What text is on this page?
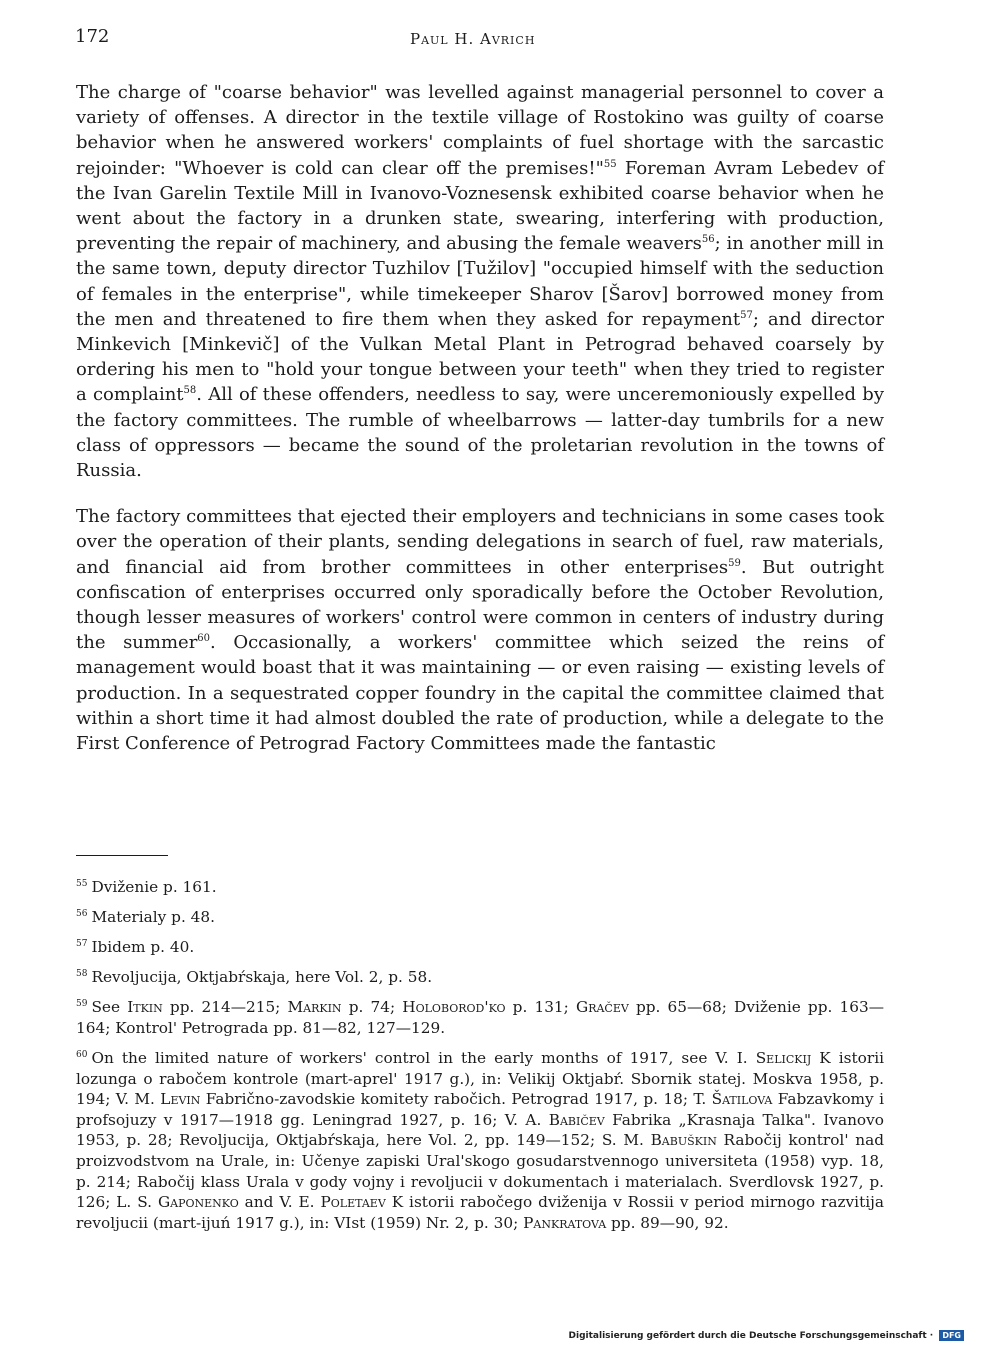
172	Paul H. Avrich

The charge of "coarse behavior" was levelled against managerial personnel to cover a variety of offenses. A director in the textile village of Rostokino was guilty of coarse behavior when he answered workers' complaints of fuel shortage with the sarcastic rejoinder: "Whoever is cold can clear off the premises!"$^{55}$ Foreman Avram Lebedev of the Ivan Garelin Textile Mill in Ivanovo-Voznesensk exhibited coarse behavior when he went about the factory in a drunken state, swearing, interfering with production, preventing the repair of machinery, and abusing the female weavers$^{56}$; in another mill in the same town, deputy director Tuzhilov [Tužilov] "occupied himself with the seduction of females in the enterprise", while timekeeper Sharov [Šarov] borrowed money from the men and threatened to fire them when they asked for repayment$^{57}$; and director Minkevich [Minkevič] of the Vulkan Metal Plant in Petrograd behaved coarsely by ordering his men to "hold your tongue between your teeth" when they tried to register a complaint$^{58}$. All of these offenders, needless to say, were unceremoniously expelled by the factory committees. The rumble of wheelbarrows — latter-day tumbrils for a new class of oppressors — became the sound of the proletarian revolution in the towns of Russia.

The factory committees that ejected their employers and technicians in some cases took over the operation of their plants, sending delegations in search of fuel, raw materials, and financial aid from brother committees in other enterprises$^{59}$. But outright confiscation of enterprises occurred only sporadically before the October Revolution, though lesser measures of workers' control were common in centers of industry during the summer$^{60}$. Occasionally, a workers' committee which seized the reins of management would boast that it was maintaining — or even raising — existing levels of production. In a sequestrated copper foundry in the capital the committee claimed that within a short time it had almost doubled the rate of production, while a delegate to the First Conference of Petrograd Factory Committees made the fantastic

$^{55}$ Dviženie p. 161.
$^{56}$ Materialy p. 48.
$^{57}$ Ibidem p. 40.
$^{58}$ Revoljucija, Oktjabŕskaja, here Vol. 2, p. 58.
$^{59}$ See Itkin pp. 214—215; Markin p. 74; Holoborod'ko p. 131; Gračev pp. 65—68; Dviženie pp. 163—164; Kontrol' Petrograda pp. 81—82, 127—129.
$^{60}$ On the limited nature of workers' control in the early months of 1917, see V. I. Selickij K istorii lozunga o rabočem kontrole (mart-aprel' 1917 g.), in: Velikij Oktjabŕ. Sbornik statej. Moskva 1958, p. 194; V. M. Levin Fabrično-zavodskie komitety rabočich. Petrograd 1917, p. 18; T. Šatilova Fabzavkomy i profsojuzy v 1917—1918 gg. Leningrad 1927, p. 16; V. A. Babičev Fabrika „Krasnaja Talka". Ivanovo 1953, p. 28; Revoljucija, Oktjabŕskaja, here Vol. 2, pp. 149—152; S. M. Babuškin Rabočij kontrol' nad proizvodstvom na Urale, in: Učenye zapiski Ural'skogo gosudarstvennogo universiteta (1958) vyp. 18, p. 214; Rabočij klass Urala v gody vojny i revoljucii v dokumentach i materialach. Sverdlovsk 1927, p. 126; L. S. Gaponenko and V. E. Poletaev K istorii rabočego dviženija v Rossii v period mirnogo razvitija revoljucii (mart-ijuń 1917 g.), in: VIst (1959) Nr. 2, p. 30; Pankratova pp. 89—90, 92.
Digitalisierung gefördert durch die Deutsche Forschungsgemeinschaft · DFG
